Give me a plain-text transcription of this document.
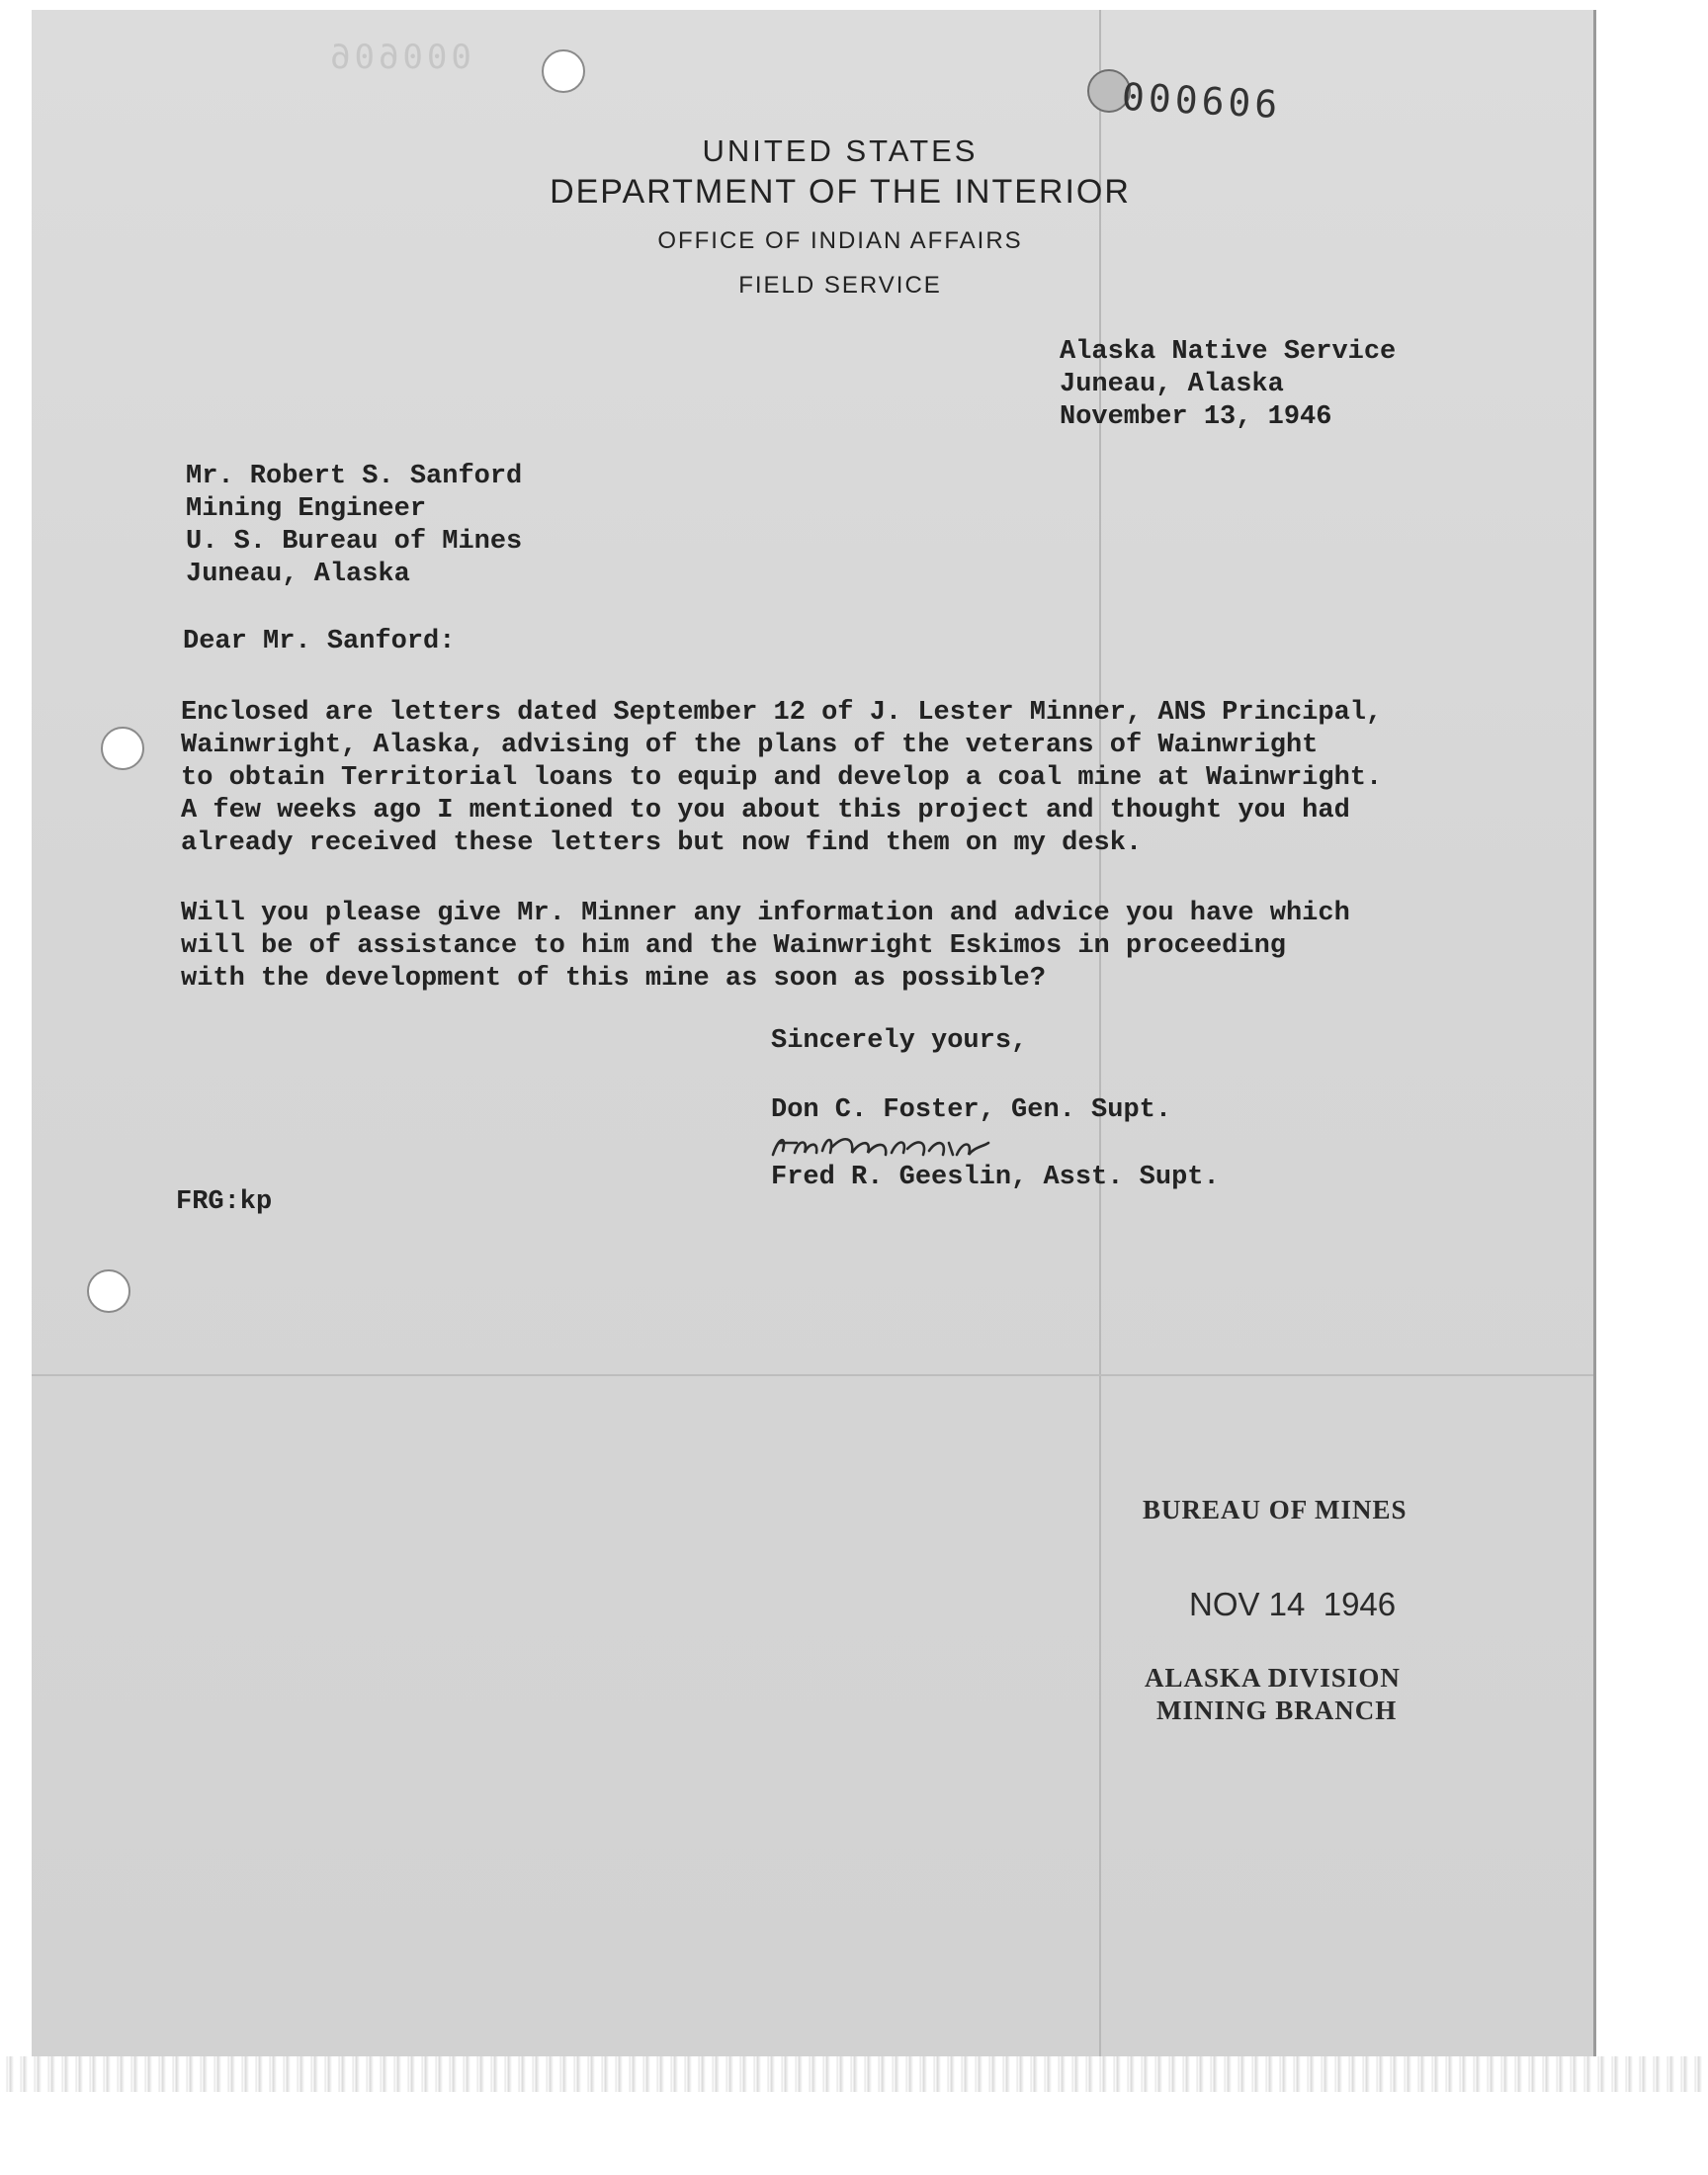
000606
000606
UNITED STATES
DEPARTMENT OF THE INTERIOR
OFFICE OF INDIAN AFFAIRS
FIELD SERVICE
Alaska Native Service
Juneau, Alaska
November 13, 1946
Mr. Robert S. Sanford
Mining Engineer
U. S. Bureau of Mines
Juneau, Alaska
Dear Mr. Sanford:
Enclosed are letters dated September 12 of J. Lester Minner, ANS Principal,
Wainwright, Alaska, advising of the plans of the veterans of Wainwright
to obtain Territorial loans to equip and develop a coal mine at Wainwright.
A few weeks ago I mentioned to you about this project and thought you had
already received these letters but now find them on my desk.
Will you please give Mr. Minner any information and advice you have which
will be of assistance to him and the Wainwright Eskimos in proceeding
with the development of this mine as soon as possible?
Sincerely yours,
Don C. Foster, Gen. Supt.
Fred R. Geeslin, Asst. Supt.
FRG:kp
BUREAU OF MINES
NOV 14  1946
ALASKA DIVISION
MINING BRANCH
